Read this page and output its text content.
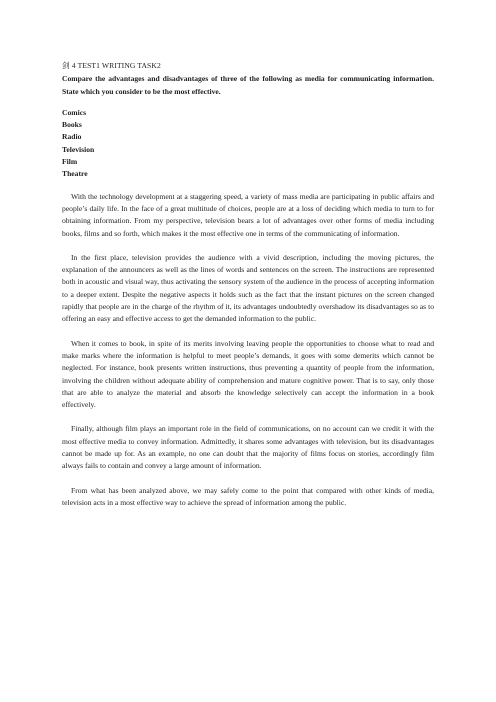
剑 4 TEST1 WRITING TASK2
Compare the advantages and disadvantages of three of the following as media for communicating information. State which you consider to be the most effective.
Comics
Books
Radio
Television
Film
Theatre

With the technology development at a staggering speed, a variety of mass media are participating in public affairs and people’s daily life. In the face of a great multitude of choices, people are at a loss of deciding which media to turn to for obtaining information. From my perspective, television bears a lot of advantages over other forms of media including books, films and so forth, which makes it the most effective one in terms of the communicating of information.

In the first place, television provides the audience with a vivid description, including the moving pictures, the explanation of the announcers as well as the lines of words and sentences on the screen. The instructions are represented both in acoustic and visual way, thus activating the sensory system of the audience in the process of accepting information to a deeper extent. Despite the negative aspects it holds such as the fact that the instant pictures on the screen changed rapidly that people are in the charge of the rhythm of it, its advantages undoubtedly overshadow its disadvantages so as to offering an easy and effective access to get the demanded information to the public.

When it comes to book, in spite of its merits involving leaving people the opportunities to choose what to read and make marks where the information is helpful to meet people’s demands, it goes with some demerits which cannot be neglected. For instance, book presents written instructions, thus preventing a quantity of people from the information, involving the children without adequate ability of comprehension and mature cognitive power. That is to say, only those that are able to analyze the material and absorb the knowledge selectively can accept the information in a book effectively.

Finally, although film plays an important role in the field of communications, on no account can we credit it with the most effective media to convey information. Admittedly, it shares some advantages with television, but its disadvantages cannot be made up for. As an example, no one can doubt that the majority of films focus on stories, accordingly film always fails to contain and convey a large amount of information.

From what has been analyzed above, we may safely come to the point that compared with other kinds of media, television acts in a most effective way to achieve the spread of information among the public.
